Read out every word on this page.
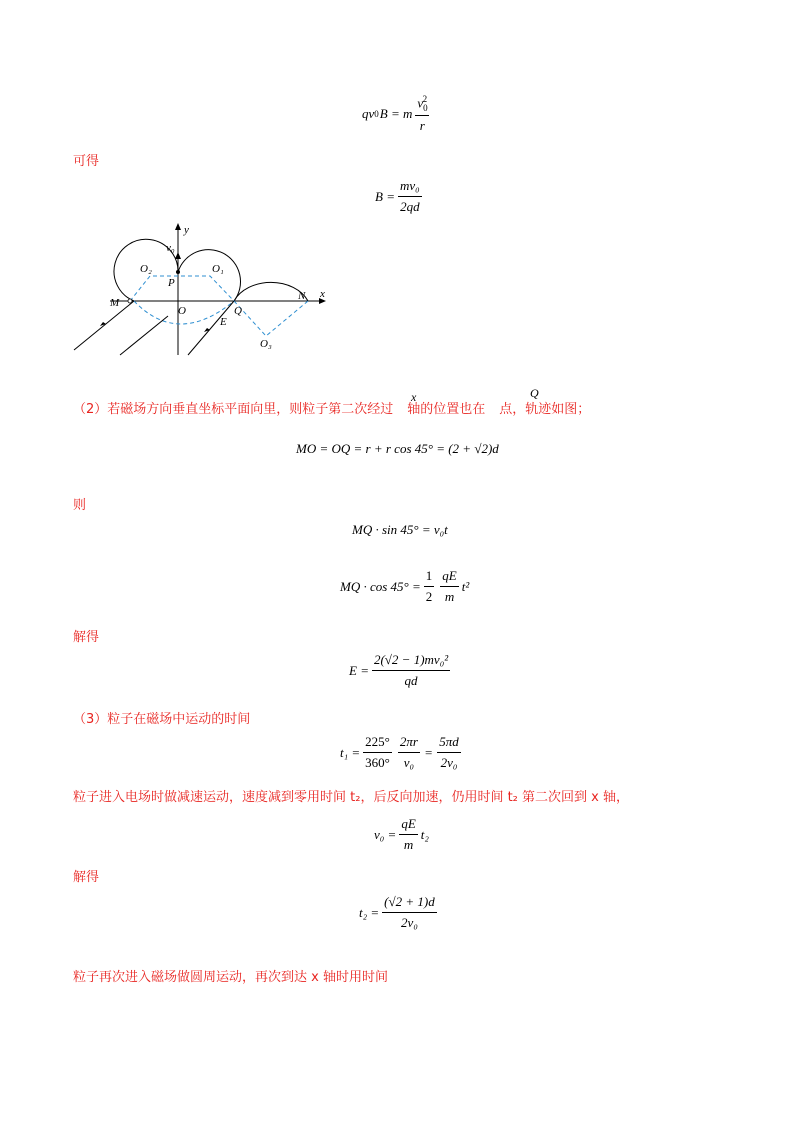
qv 0 B = m $\frac{v_0^2}{r}$
可得
$B = \frac{\text{mv₀}}{2qd}$
y
x
v₀
O₂	O₁
P
M
O	Q
E
N
O₃
（2）若磁场方向垂直坐标平面向里，则粒子第二次经过 轴的位置也在 点，轨迹如图；
x	Q
MO = OQ = r + r cos 45° = (2 + √2)d
则
MQ · sin 45° = v₀t
MQ · $\cos 45^\circ = \frac{1}{2} \frac{qE}{m} t^2$
解得
$E = \frac{\text{2(√2 − 1)mv₀²}}{qd}$
（3）粒子在磁场中运动的时间
$t_1 = \frac{225^\circ}{360^\circ} \frac{2\pi r}{\text{v₀}} = \frac{5\pi d}{\text{2v₀}}$
粒子进入电场时做减速运动，速度减到零用时间 t₂，后反向加速，仍用时间 t₂ 第二次回到 x 轴，
$v_0 = \frac{qE}{m} t_2$
解得
$t_2 = \frac{(√2 + 1)d}{\text{2v₀}}$
粒子再次进入磁场做圆周运动，再次到达 x 轴时用时间
